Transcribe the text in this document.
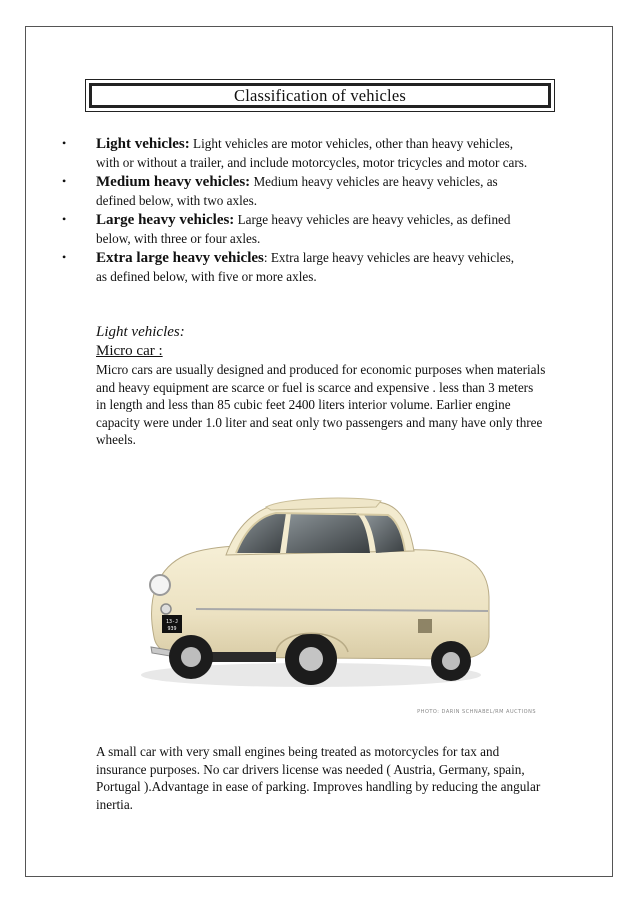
Classification of vehicles
• Light vehicles: Light vehicles are motor vehicles, other than heavy vehicles, with or without a trailer, and include motorcycles, motor tricycles and motor cars.
• Medium heavy vehicles: Medium heavy vehicles are heavy vehicles, as defined below, with two axles.
• Large heavy vehicles: Large heavy vehicles are heavy vehicles, as defined below, with three or four axles.
• Extra large heavy vehicles: Extra large heavy vehicles are heavy vehicles, as defined below, with five or more axles.
Light vehicles:
Micro car :
Micro cars are usually designed and produced for economic purposes when materials and heavy equipment are scarce or fuel is scarce and expensive . less than 3 meters in length and less than 85 cubic feet 2400 liters interior volume. Earlier engine capacity were under 1.0 liter and seat only two passengers and many have only three wheels.
13-J
939
PHOTO: DARIN SCHNABEL/RM AUCTIONS
A small car with very small engines being treated as motorcycles for tax and insurance purposes. No car drivers license was needed ( Austria, Germany, spain, Portugal ).Advantage in ease of parking. Improves handling by reducing the angular inertia.
